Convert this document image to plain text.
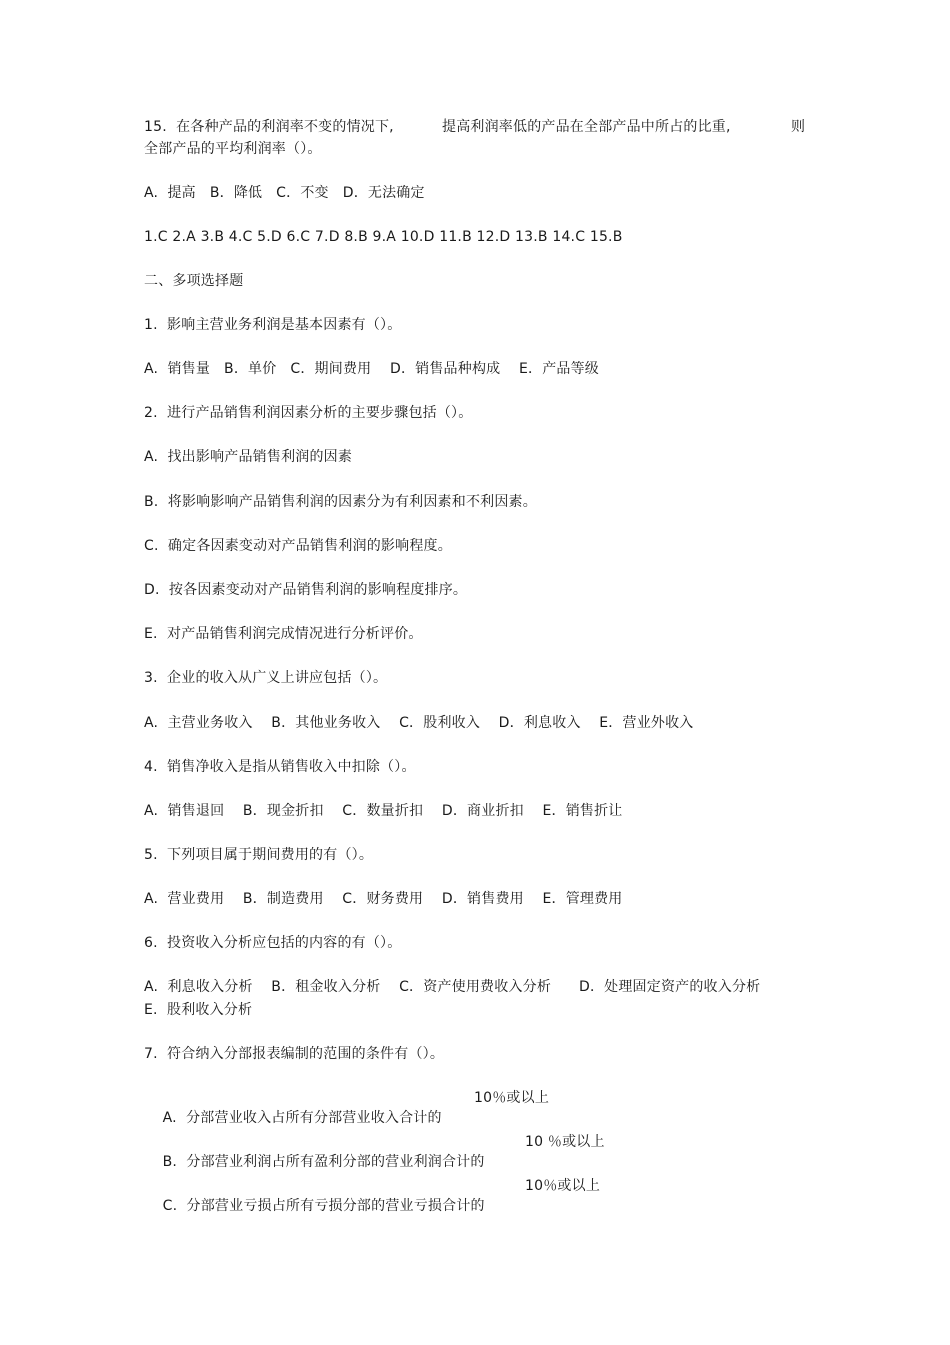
15.  在各种产品的利润率不变的情况下,

	提高利润率低的产品在全部产品中所占的比重,

	则

全部产品的平均利润率（）。
A.  提高   B．降低   C．不变   D．无法确定
1.C 2.A 3.B 4.C 5.D 6.C 7.D 8.B 9.A 10.D 11.B 12.D 13.B 14.C 15.B
二、多项选择题
1.  影响主营业务利润是基本因素有（）。
A.  销售量   B．单价   C．期间费用    D．销售品种构成    E．产品等级
2.  进行产品销售利润因素分析的主要步骤包括（）。
A.  找出影响产品销售利润的因素
B.  将影响影响产品销售利润的因素分为有利因素和不利因素。
C.  确定各因素变动对产品销售利润的影响程度。
D.  按各因素变动对产品销售利润的影响程度排序。
E.  对产品销售利润完成情况进行分析评价。
3.  企业的收入从广义上讲应包括（）。
A.  主营业务收入    B．其他业务收入    C．股利收入    D．利息收入    E．营业外收入
4.  销售净收入是指从销售收入中扣除（）。
A.  销售退回    B．现金折扣    C．数量折扣    D．商业折扣    E．销售折让
5.  下列项目属于期间费用的有（）。
A.  营业费用    B．制造费用    C．财务费用    D．销售费用    E．管理费用
6.  投资收入分析应包括的内容的有（）。
A.  利息收入分析    B．租金收入分析    C．资产使用费收入分析      D．处理固定资产的收入分析
E.  股利收入分析
7.  符合纳入分部报表编制的范围的条件有（）。

A.  分部营业收入占所有分部营业收入合计的

10％或以上

B.  分部营业利润占所有盈利分部的营业利润合计的

10 ％或以上

C.  分部营业亏损占所有亏损分部的营业亏损合计的

10％或以上
